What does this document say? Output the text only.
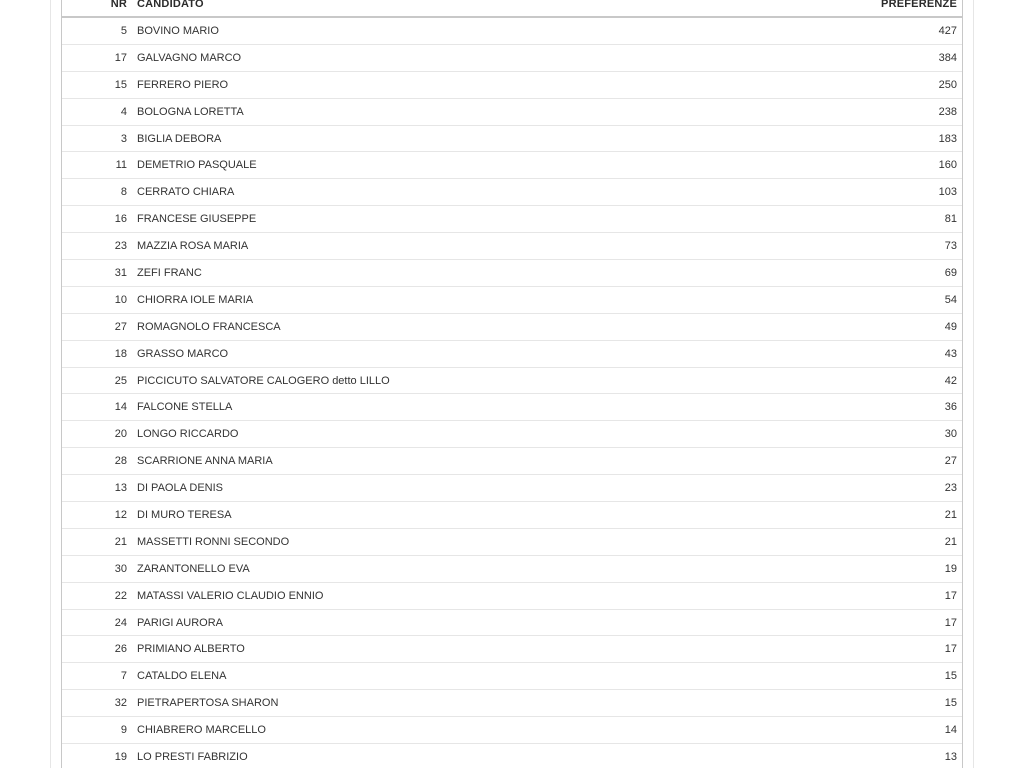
NR CANDIDATO	PREFERENZE
5 BOVINO MARIO	427
17 GALVAGNO MARCO	384
15 FERRERO PIERO	250
4 BOLOGNA LORETTA	238
3 BIGLIA DEBORA	183
11 DEMETRIO PASQUALE	160
8 CERRATO CHIARA	103
16 FRANCESE GIUSEPPE	81
23 MAZZIA ROSA MARIA	73
31 ZEFI FRANC	69
10 CHIORRA IOLE MARIA	54
27 ROMAGNOLO FRANCESCA	49
18 GRASSO MARCO	43
25 PICCICUTO SALVATORE CALOGERO detto LILLO	42
14 FALCONE STELLA	36
20 LONGO RICCARDO	30
28 SCARRIONE ANNA MARIA	27
13 DI PAOLA DENIS	23
12 DI MURO TERESA	21
21 MASSETTI RONNI SECONDO	21
30 ZARANTONELLO EVA	19
22 MATASSI VALERIO CLAUDIO ENNIO	17
24 PARIGI AURORA	17
26 PRIMIANO ALBERTO	17
7 CATALDO ELENA	15
32 PIETRAPERTOSA SHARON	15
9 CHIABRERO MARCELLO	14
19 LO PRESTI FABRIZIO	13
